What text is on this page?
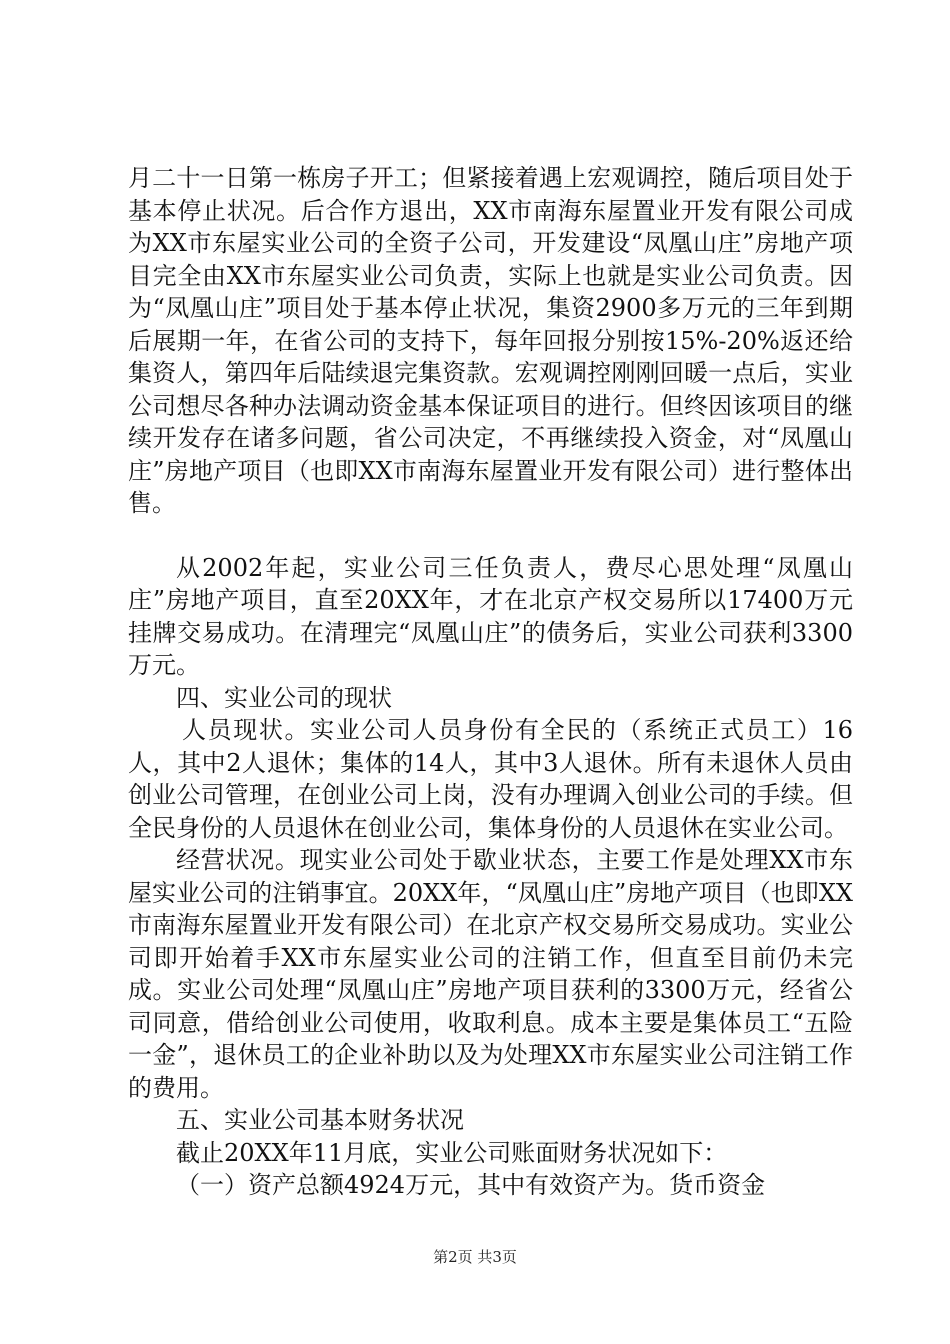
月二十一日第一栋房子开工；但紧接着遇上宏观调控，随后项目处于基本停止状况。后合作方退出，XX市南海东屋置业开发有限公司成为XX市东屋实业公司的全资子公司，开发建设“凤凰山庄”房地产项目完全由XX市东屋实业公司负责，实际上也就是实业公司负责。因为“凤凰山庄”项目处于基本停止状况，集资2900多万元的三年到期后展期一年，在省公司的支持下，每年回报分别按15%-20%返还给集资人，第四年后陆续退完集资款。宏观调控刚刚回暖一点后，实业公司想尽各种办法调动资金基本保证项目的进行。但终因该项目的继续开发存在诸多问题，省公司决定，不再继续投入资金，对“凤凰山庄”房地产项目（也即XX市南海东屋置业开发有限公司）进行整体出售。

从2002年起，实业公司三任负责人，费尽心思处理“凤凰山庄”房地产项目，直至20XX年，才在北京产权交易所以17400万元挂牌交易成功。在清理完“凤凰山庄”的债务后，实业公司获利3300万元。

四、实业公司的现状

人员现状。实业公司人员身份有全民的（系统正式员工）16人，其中2人退休；集体的14人，其中3人退休。所有未退休人员由创业公司管理，在创业公司上岗，没有办理调入创业公司的手续。但全民身份的人员退休在创业公司，集体身份的人员退休在实业公司。

经营状况。现实业公司处于歇业状态，主要工作是处理XX市东屋实业公司的注销事宜。20XX年，“凤凰山庄”房地产项目（也即XX市南海东屋置业开发有限公司）在北京产权交易所交易成功。实业公司即开始着手XX市东屋实业公司的注销工作，但直至目前仍未完成。实业公司处理“凤凰山庄”房地产项目获利的3300万元，经省公司同意，借给创业公司使用，收取利息。成本主要是集体员工“五险一金”，退休员工的企业补助以及为处理XX市东屋实业公司注销工作的费用。

五、实业公司基本财务状况

截止20XX年11月底，实业公司账面财务状况如下：

（一）资产总额4924万元，其中有效资产为。货币资金

第2页 共3页
